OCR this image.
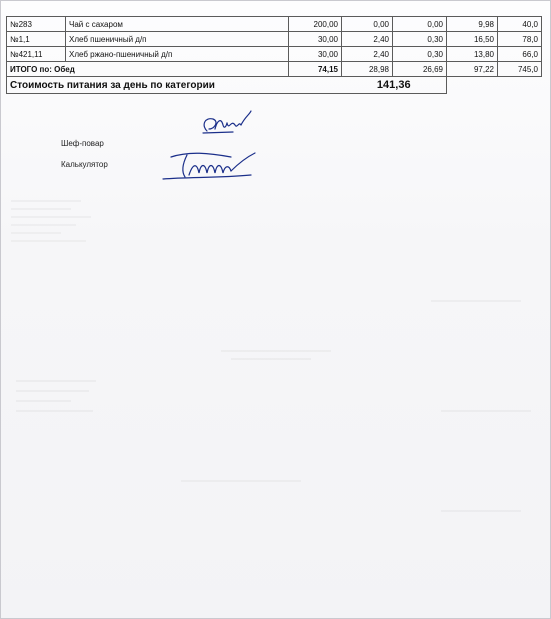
№283	Чай с сахаром	200,00	0,00	0,00	9,98	40,0
№1,1	Хлеб пшеничный д/п	30,00	2,40	0,30	16,50	78,0
№421,11	Хлеб ржано-пшеничный д/п	30,00	2,40	0,30	13,80	66,0
ИТОГО по: Обед		74,15	28,98	26,69	97,22	745,0
Стоимость питания за день по категории			141,36			
Шеф-повар
Калькулятор
